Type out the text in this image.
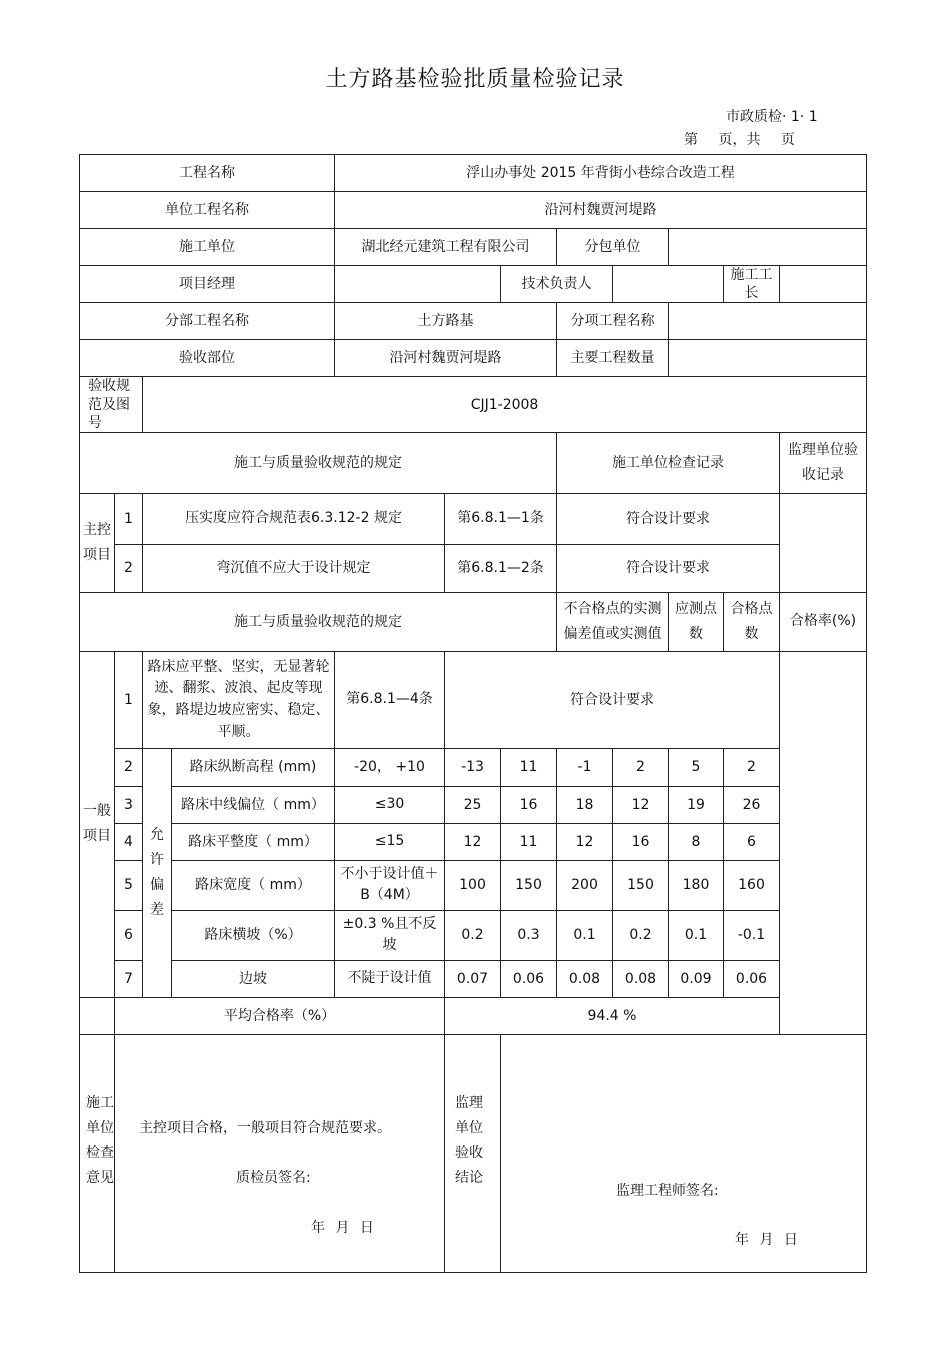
土方路基检验批质量检验记录
市政质检· 1· 1
第 页，共 页
工程名称				浮山办事处 2015 年背街小巷综合改造工程							
单位工程名称				沿河村魏贾河堤路							
施工单位				湖北经元建筑工程有限公司			分包单位				
项目经理						技术负责人				施工工长	
分部工程名称				土方路基			分项工程名称				
验收部位				沿河村魏贾河堤路			主要工程数量				
验收规范及图号		CJJ1-2008									
施工与质量验收规范的规定							施工单位检查记录				监理单位验收记录
主控项目	1	压实度应符合规范表6.3.12-2 规定			第6.8.1—1条		符合设计要求				
	2	弯沉值不应大于设计规定			第6.8.1—2条		符合设计要求				
施工与质量验收规范的规定							不合格点的实测偏差值或实测值		应测点数	合格点数	合格率(%)
一般项目	1	路床应平整、坚实，无显著轮迹、翻浆、波浪、起皮等现象，路堤边坡应密实、稳定、平顺。		第6.8.1—4条	符合设计要求						
	2	允许偏差	路床纵断高程 (mm)	-20， +10	-13	11	-1	2	5	2	
	3		路床中线偏位（ mm）	≤30	25	16	18	12	19	26	
	4		路床平整度（ mm）	≤15	12	11	12	16	8	6	
	5		路床宽度（ mm）	不小于设计值＋B（4M）	100	150	200	150	180	160	
	6		路床横坡（%）	±0.3 %且不反坡	0.2	0.3	0.1	0.2	0.1	-0.1	
	7		边坡	不陡于设计值	0.07	0.06	0.08	0.08	0.09	0.06	
	平均合格率（%）				94.4 %						

施工单位检查意见
主控项目合格，一般项目符合规范要求。
质检员签名:
年 月 日
监理单位验收结论
监理工程师签名:
年 月 日
